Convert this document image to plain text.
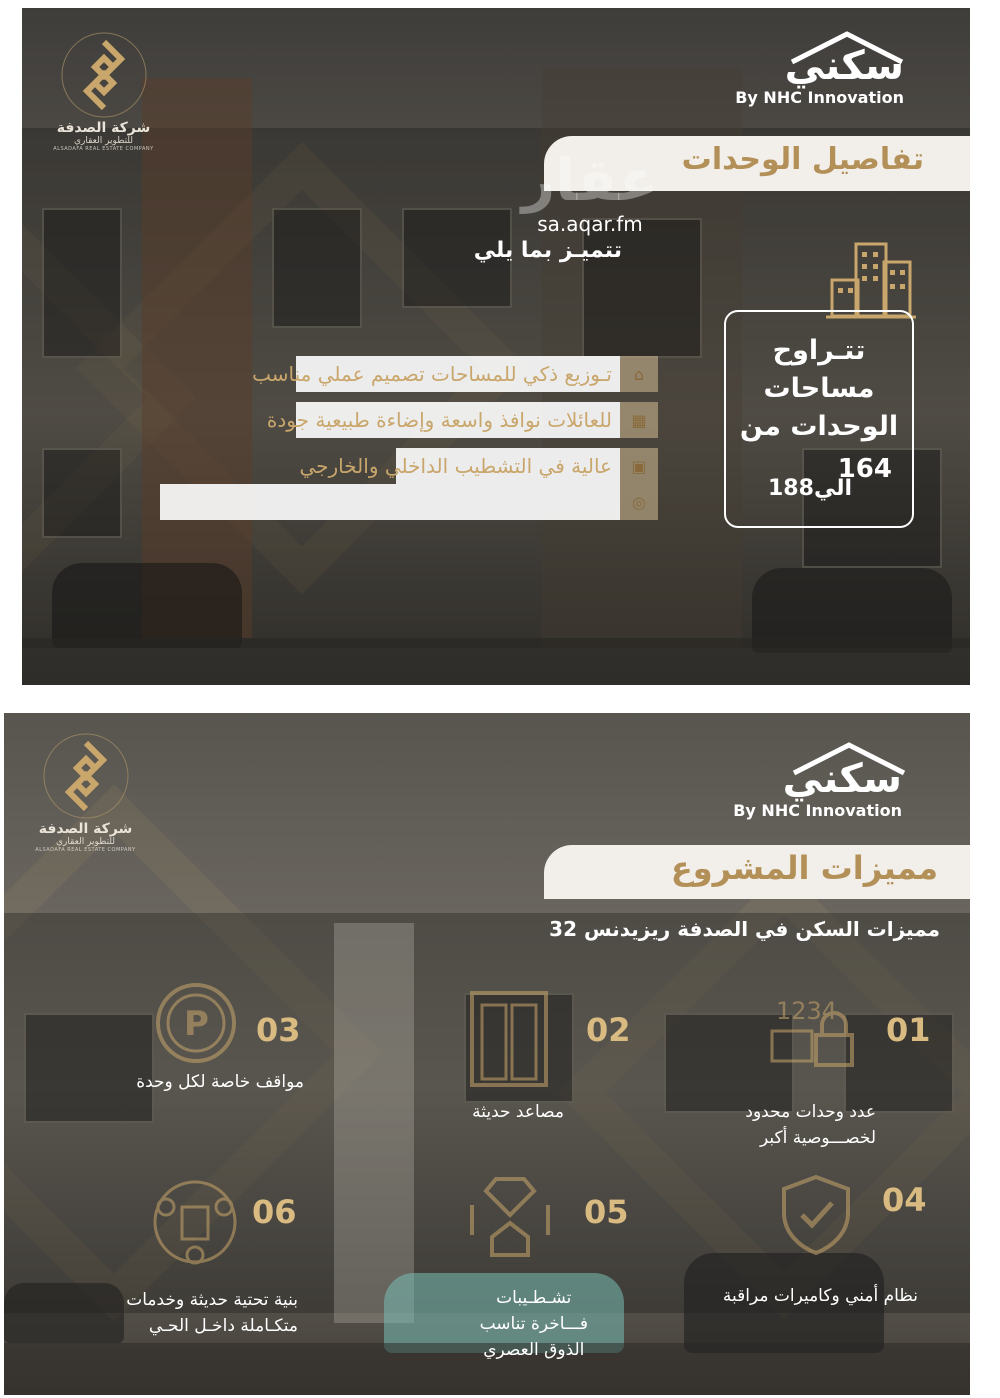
شركة الصدفة
للتطوير العقاري
ALSADAFA REAL ESTATE COMPANY
سكني
By NHC Innovation
تفاصيل الوحدات
عقار
sa.aqar.fm
تتميـز بما يلي
⌂
تـوزيع ذكي للمساحات تصميم عملي مناسب
▦
للعائلات نوافذ واسعة وإضاءة طبيعية جودة
▣
عالية في التشطيب الداخلي والخارجي
◎
تتـراوح مساحات الوحدات من
164
الي188
شركة الصدفة
للتطوير العقاري
ALSADAFA REAL ESTATE COMPANY
سكني
By NHC Innovation
مميزات المشروع
مميزات السكن في الصدفة ريزيدنس 32
1234 01
عدد وحدات محدود
لخصـــوصية أكبر
02
مصاعد حديثة
P 03
مواقف خاصة لكل وحدة
04
نظام أمني وكاميرات مراقبة
05
تشـطـيبات
فـــاخرة تناسب
الذوق العصري
06
بنية تحتية حديثة وخدمات
متكـاملة داخـل الحـي
